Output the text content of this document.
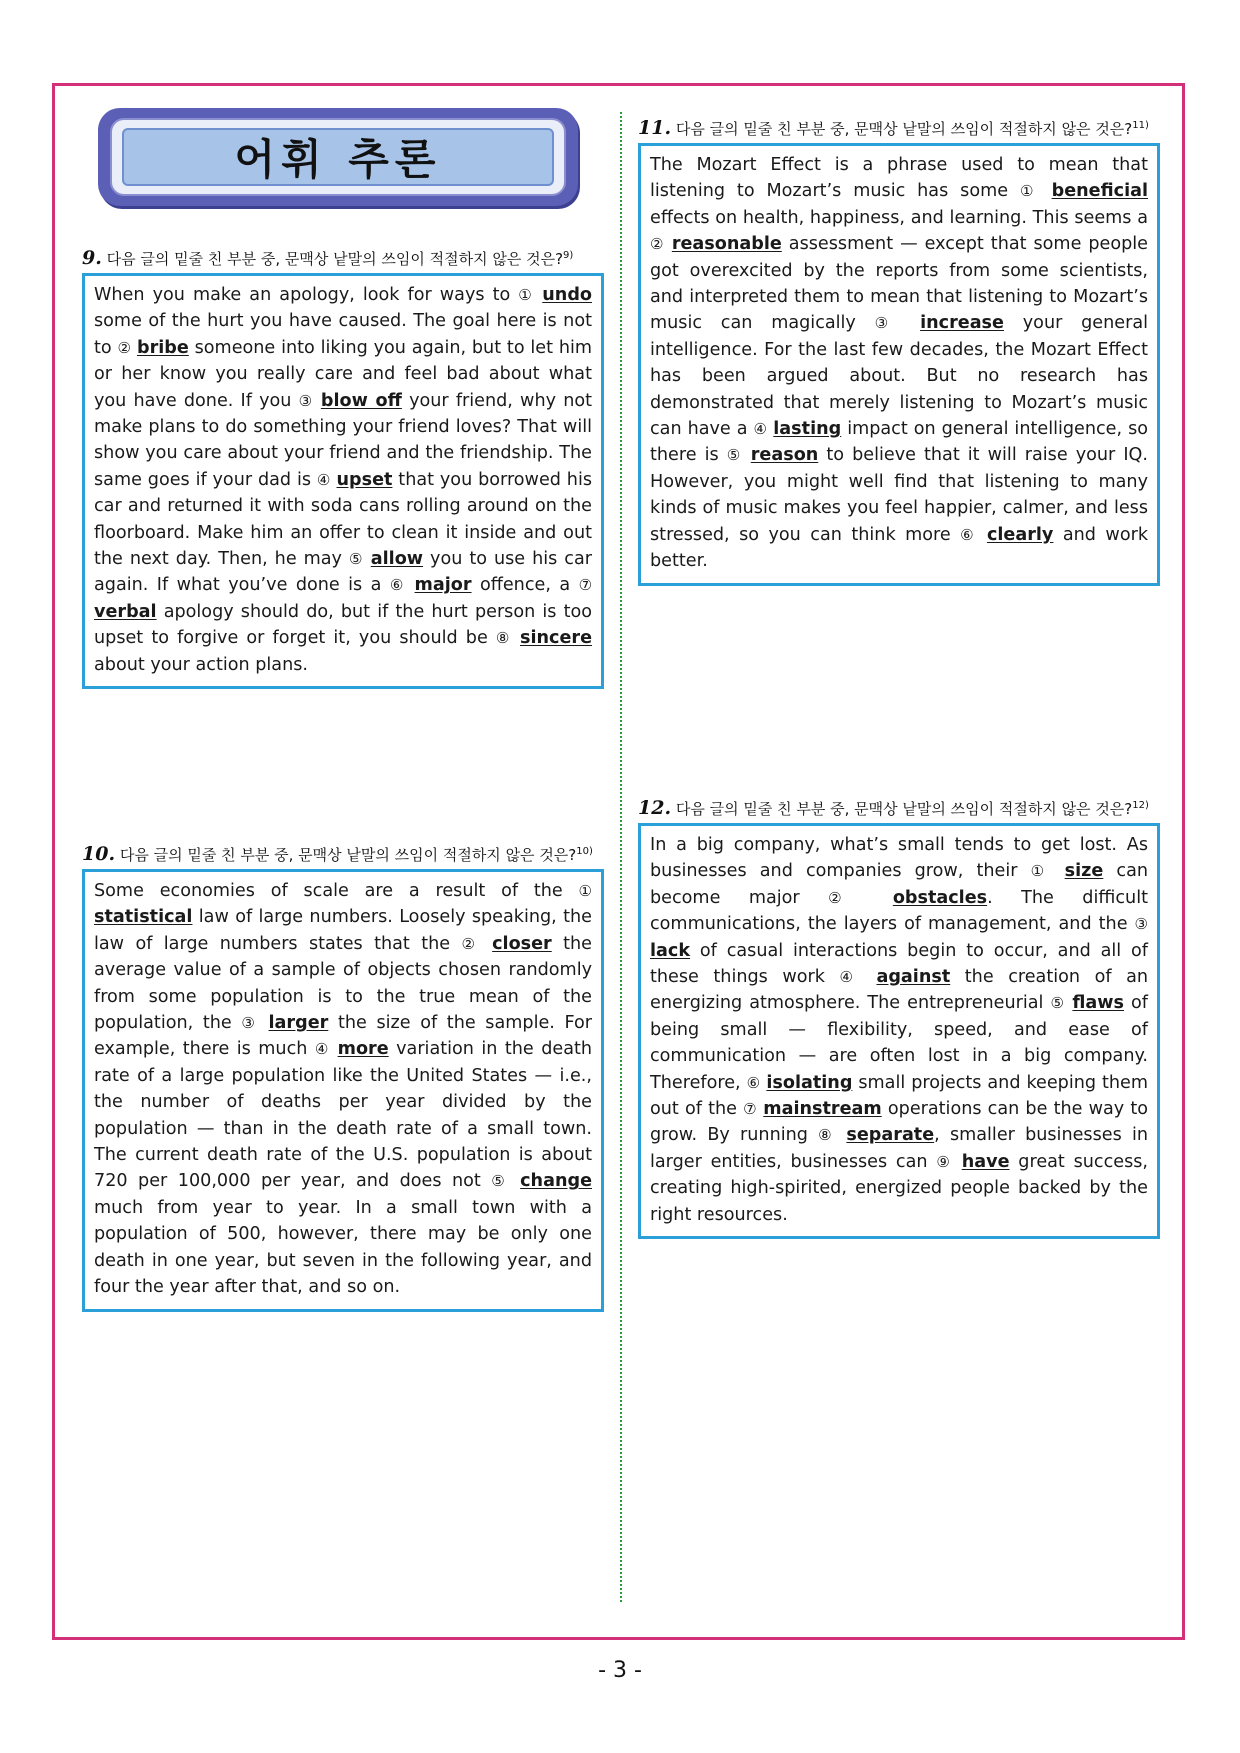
어휘 추론
9. 다음 글의 밑줄 친 부분 중, 문맥상 낱말의 쓰임이 적절하지 않은 것은?$^{9)}$
When you make an apology, look for ways to ① undo some of the hurt you have caused. The goal here is not to ② bribe someone into liking you again, but to let him or her know you really care and feel bad about what you have done. If you ③ blow off your friend, why not make plans to do something your friend loves? That will show you care about your friend and the friendship. The same goes if your dad is ④ upset that you borrowed his car and returned it with soda cans rolling around on the floorboard. Make him an offer to clean it inside and out the next day. Then, he may ⑤ allow you to use his car again. If what you’ve done is a ⑥ major offence, a ⑦ verbal apology should do, but if the hurt person is too upset to forgive or forget it, you should be ⑧ sincere about your action plans.
10. 다음 글의 밑줄 친 부분 중, 문맥상 낱말의 쓰임이 적절하지 않은 것은?$^{10)}$
Some economies of scale are a result of the ① statistical law of large numbers. Loosely speaking, the law of large numbers states that the ② closer the average value of a sample of objects chosen randomly from some population is to the true mean of the population, the ③ larger the size of the sample. For example, there is much ④ more variation in the death rate of a large population like the United States — i.e., the number of deaths per year divided by the population — than in the death rate of a small town. The current death rate of the U.S. population is about 720 per 100,000 per year, and does not ⑤ change much from year to year. In a small town with a population of 500, however, there may be only one death in one year, but seven in the following year, and four the year after that, and so on.
11. 다음 글의 밑줄 친 부분 중, 문맥상 낱말의 쓰임이 적절하지 않은 것은?$^{11)}$
The Mozart Effect is a phrase used to mean that listening to Mozart’s music has some ① beneficial effects on health, happiness, and learning. This seems a ② reasonable assessment — except that some people got overexcited by the reports from some scientists, and interpreted them to mean that listening to Mozart’s music can magically ③ increase your general intelligence. For the last few decades, the Mozart Effect has been argued about. But no research has demonstrated that merely listening to Mozart’s music can have a ④ lasting impact on general intelligence, so there is ⑤ reason to believe that it will raise your IQ. However, you might well find that listening to many kinds of music makes you feel happier, calmer, and less stressed, so you can think more ⑥ clearly and work better.
12. 다음 글의 밑줄 친 부분 중, 문맥상 낱말의 쓰임이 적절하지 않은 것은?$^{12)}$
In a big company, what’s small tends to get lost. As businesses and companies grow, their ① size can become major ② obstacles. The difficult communications, the layers of management, and the ③ lack of casual interactions begin to occur, and all of these things work ④ against the creation of an energizing atmosphere. The entrepreneurial ⑤ flaws of being small — flexibility, speed, and ease of communication — are often lost in a big company. Therefore, ⑥ isolating small projects and keeping them out of the ⑦ mainstream operations can be the way to grow. By running ⑧ separate, smaller businesses in larger entities, businesses can ⑨ have great success, creating high-spirited, energized people backed by the right resources.
- 3 -
